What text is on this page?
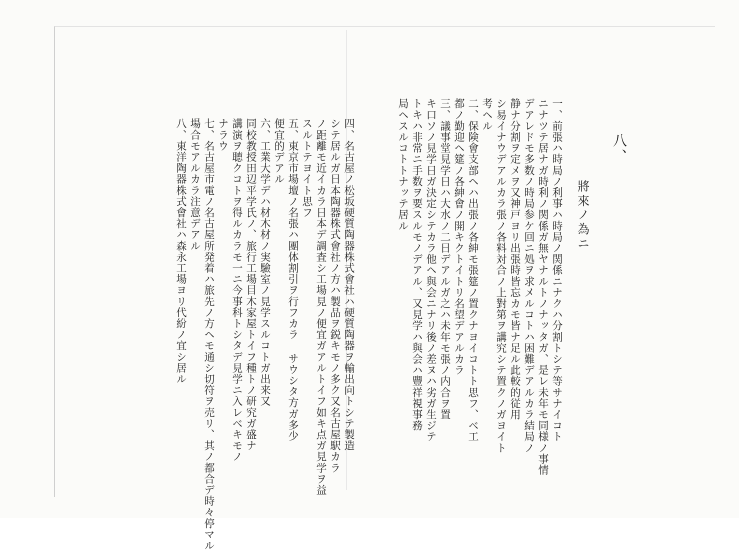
八、
將來ノ為ニ
一、前張ハ時局ノ利事ハ時局ノ関係ニナクハ分割トシテ等サナイコト
ニナツテ居ナガ時利ノ関係ガ無ヤナルトノナッタガ、是レ未年モ同様ノ事情
デアレドモ多数ノ時局参ケ回ニ処ヲ求メルコトハ困難デアルカラ結局ノ
静ナ分割ヲ定メヲ又神戸ヨリ出張時皆忘カモ皆ナ足ル此較的従用
シ易イナウデアルカラ張ノ各料対合ノ上對第ヲ講究シテ置クノガヨイト
考ヘル
二、保険會支部ヘハ出張ノ各紳モ張筵ノ置クナヨイコトト思フ、ベ工
都ノ勤迎ヘ筵ノ各紳會ノ開キクトイトリ名望デアルカラ
三、議事堂見学日ハ大水ノ二日デアルガ之ハ未年モ張ノ内合ヲ置
キ口ソノ見学日ガ決定シテカラ他ヘ與会ニナリ後ノ差ヌハ劣ガ生ジテ
トキハ非常ニ手数ヲ要スルモノデアル、又見学ハ與会ハ豐祥視事務
局ヘスルコトトナッテ居ル
四、名古屋ノ松坂硬質陶器株式會社ハ硬質陶器ヲ輸出向トシテ製造
シテ居ルガ日本陶器株式會社ノ方ハ製品ヲ鋭キモノ多ク又名古屋駅カラ
ノ距離モ近イカラ日本デ調査シ工場見ノ便宜ガアルトイフ如キ点ガ見学ヲ益
スルトテヨイト思フ
五、東京市場壇ノ名張ハ團体割引ヲ行フカラ サウシタ方ガ多少
便宜的デアル
六、工業大学デハ材木材ノ実驗室ノ見学スルコトガ出来又
同校教授田辺平学氏ノ、旅行工場目木家屋トイフ種トノ研究ガ盛ナ
講演ヲ聴クコトヲ得ルカラモ一ニ今事科トシタデ見学ニ入レベキモノ
ナラウ
七、名古屋市電ノ名古屋所発着ハ旅先ノ方ヘモ通シ切符ヲ売リ、其ノ都合デ時々停マル
場合モアルカラ注意デアル
八、東洋陶器株式會社ハ森永工場ヨリ代紛ノ宜シ居ル
